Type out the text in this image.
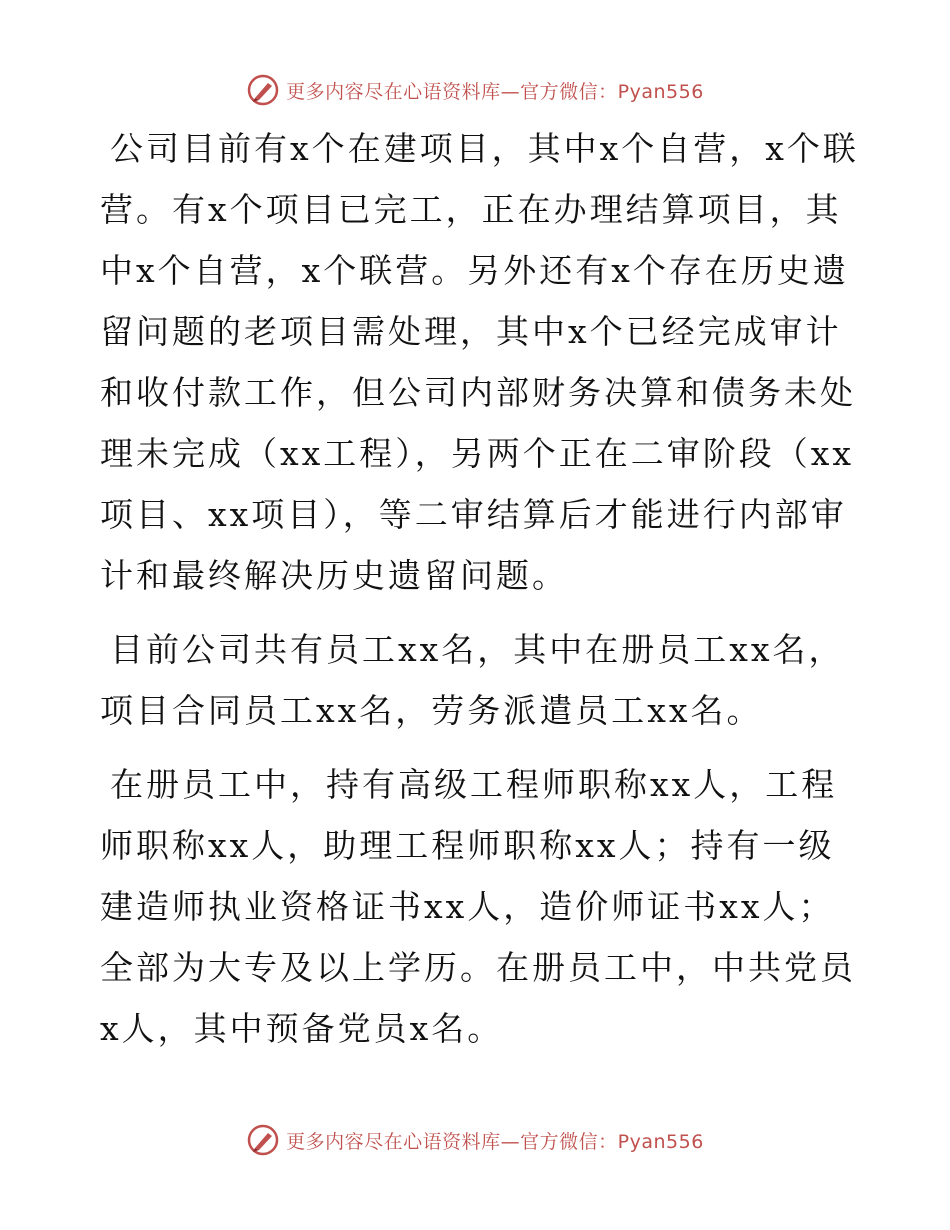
更多内容尽在心语资料库—官方微信：Pyan556

公司目前有x个在建项目，其中x个自营，x个联营。有x个项目已完工，正在办理结算项目，其中x个自营，x个联营。另外还有x个存在历史遗留问题的老项目需处理，其中x个已经完成审计和收付款工作，但公司内部财务决算和债务未处理未完成（xx工程），另两个正在二审阶段（xx项目、xx项目），等二审结算后才能进行内部审计和最终解决历史遗留问题。

目前公司共有员工xx名，其中在册员工xx名，项目合同员工xx名，劳务派遣员工xx名。

在册员工中，持有高级工程师职称xx人，工程师职称xx人，助理工程师职称xx人；持有一级建造师执业资格证书xx人，造价师证书xx人；全部为大专及以上学历。在册员工中，中共党员x人，其中预备党员x名。

更多内容尽在心语资料库—官方微信：Pyan556
